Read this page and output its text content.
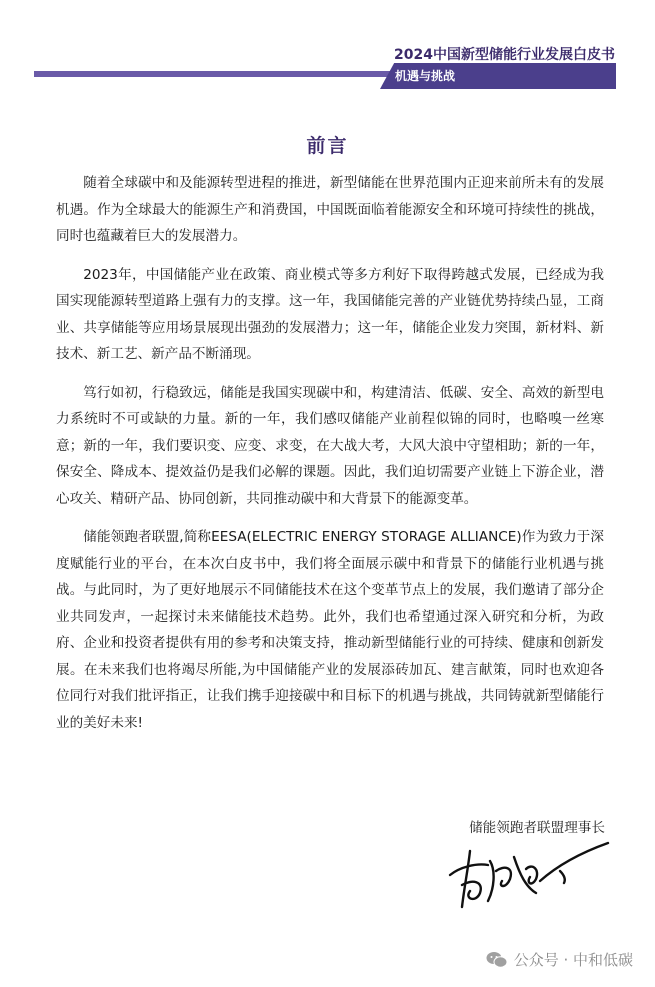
2024中国新型储能行业发展白皮书
机遇与挑战
前言

随着全球碳中和及能源转型进程的推进，新型储能在世界范围内正迎来前所未有的发展机遇。作为全球最大的能源生产和消费国，中国既面临着能源安全和环境可持续性的挑战，同时也蕴藏着巨大的发展潜力。

2023年，中国储能产业在政策、商业模式等多方利好下取得跨越式发展，已经成为我国实现能源转型道路上强有力的支撑。这一年，我国储能完善的产业链优势持续凸显，工商业、共享储能等应用场景展现出强劲的发展潜力；这一年，储能企业发力突围，新材料、新技术、新工艺、新产品不断涌现。

笃行如初，行稳致远，储能是我国实现碳中和，构建清洁、低碳、安全、高效的新型电力系统时不可或缺的力量。新的一年，我们感叹储能产业前程似锦的同时，也略嗅一丝寒意；新的一年，我们要识变、应变、求变，在大战大考，大风大浪中守望相助；新的一年，保安全、降成本、提效益仍是我们必解的课题。因此，我们迫切需要产业链上下游企业，潜心攻关、精研产品、协同创新，共同推动碳中和大背景下的能源变革。

储能领跑者联盟,简称EESA(ELECTRIC ENERGY STORAGE ALLIANCE)作为致力于深度赋能行业的平台，在本次白皮书中，我们将全面展示碳中和背景下的储能行业机遇与挑战。与此同时，为了更好地展示不同储能技术在这个变革节点上的发展，我们邀请了部分企业共同发声，一起探讨未来储能技术趋势。此外，我们也希望通过深入研究和分析，为政府、企业和投资者提供有用的参考和决策支持，推动新型储能行业的可持续、健康和创新发展。在未来我们也将竭尽所能,为中国储能产业的发展添砖加瓦、建言献策，同时也欢迎各位同行对我们批评指正，让我们携手迎接碳中和目标下的机遇与挑战，共同铸就新型储能行业的美好未来!

储能领跑者联盟理事长
公众号 · 中和低碳
